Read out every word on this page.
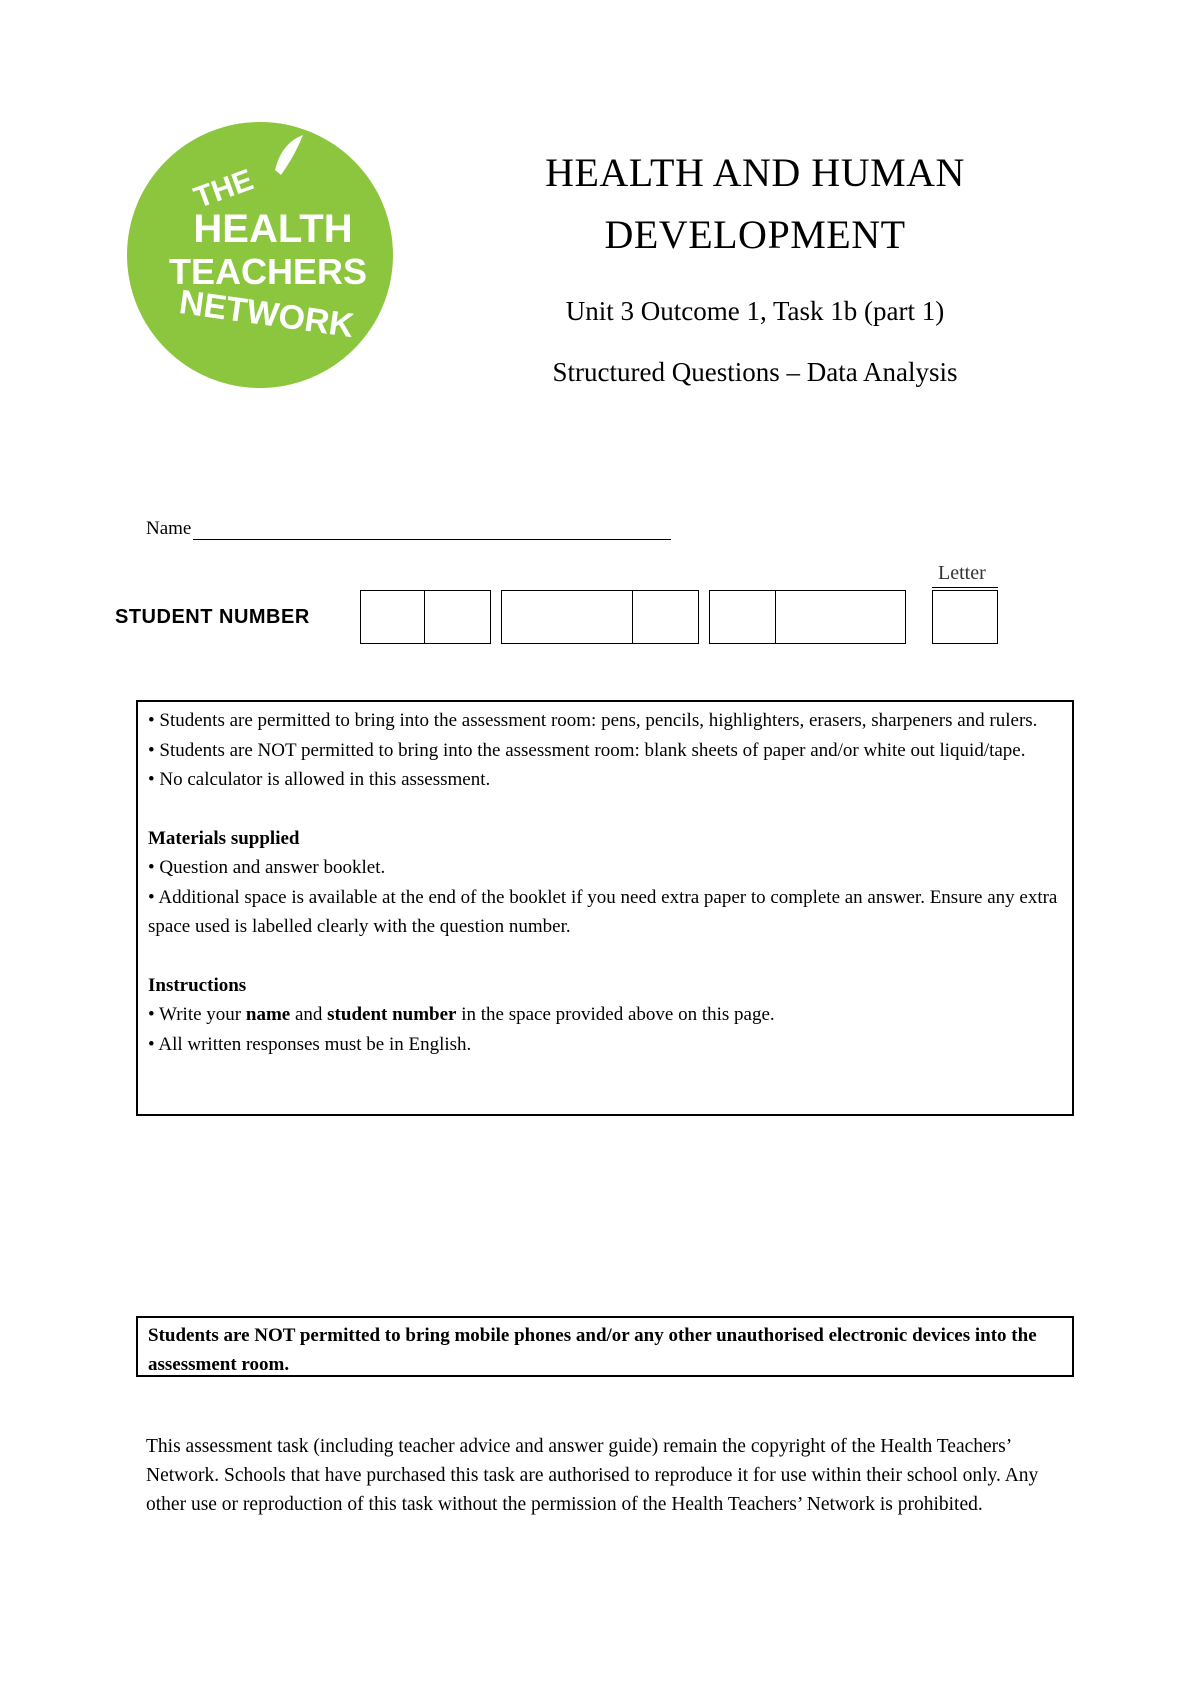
THE
HEALTH
TEACHERS
NETWORK
HEALTH AND HUMAN
DEVELOPMENT

Unit 3 Outcome 1, Task 1b (part 1)

Structured Questions – Data Analysis

Name
STUDENT NUMBER
Letter

• Students are permitted to bring into the assessment room: pens, pencils, highlighters, erasers, sharpeners and rulers.

• Students are NOT permitted to bring into the assessment room: blank sheets of paper and/or white out liquid/tape.

• No calculator is allowed in this assessment.

Materials supplied

• Question and answer booklet.

• Additional space is available at the end of the booklet if you need extra paper to complete an answer. Ensure any extra space used is labelled clearly with the question number.

Instructions

• Write your name and student number in the space provided above on this page.

• All written responses must be in English.

Students are NOT permitted to bring mobile phones and/or any other unauthorised electronic devices into the assessment room.

This assessment task (including teacher advice and answer guide) remain the copyright of the Health Teachers’ Network. Schools that have purchased this task are authorised to reproduce it for use within their school only. Any other use or reproduction of this task without the permission of the Health Teachers’ Network is prohibited.
